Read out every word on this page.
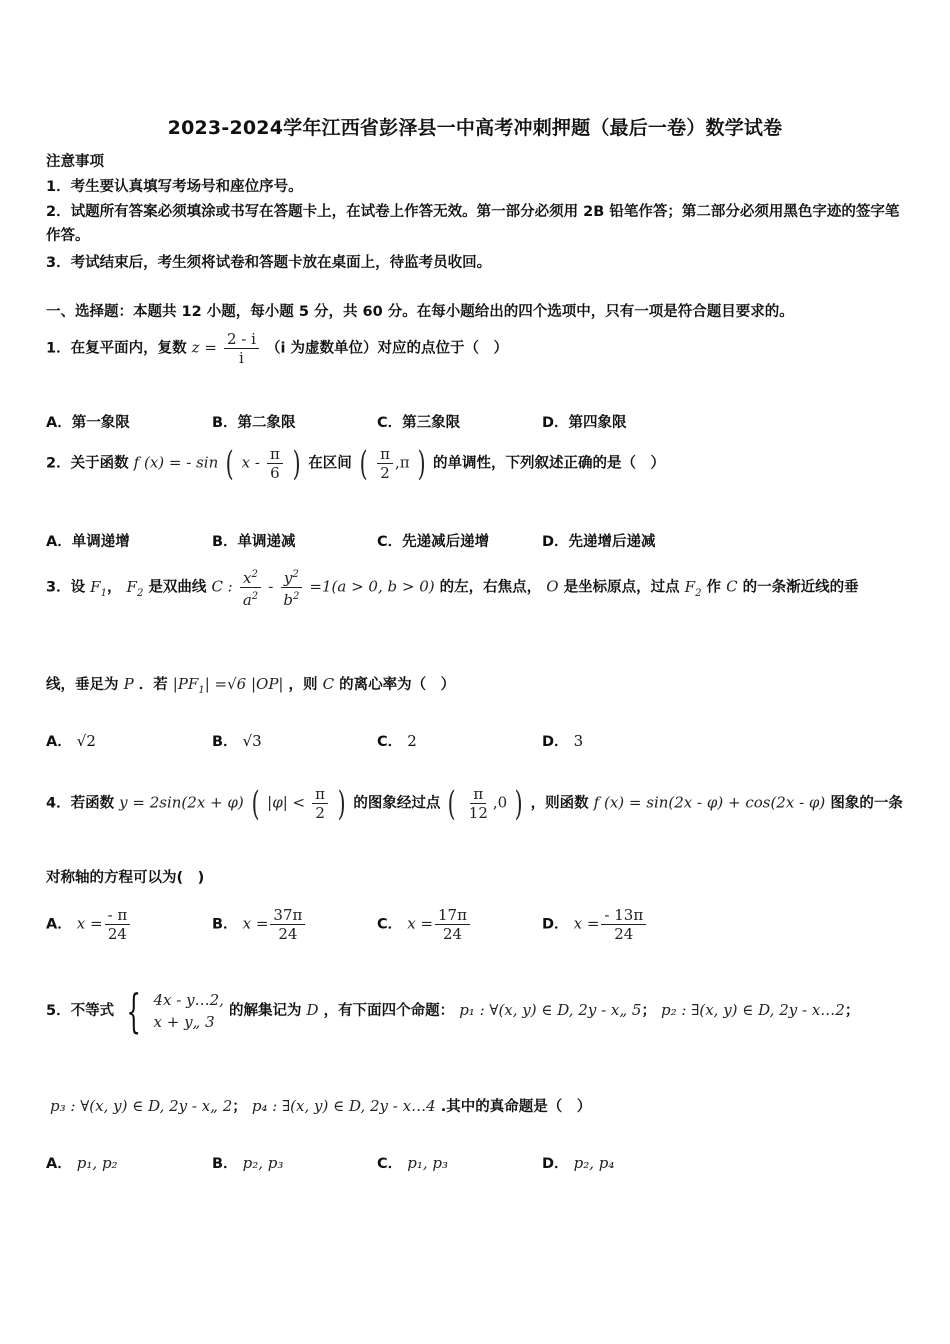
2023-2024学年江西省彭泽县一中高考冲刺押题（最后一卷）数学试卷
注意事项
1．考生要认真填写考场号和座位序号。
2．试题所有答案必须填涂或书写在答题卡上，在试卷上作答无效。第一部分必须用 2B 铅笔作答；第二部分必须用黑色字迹的签字笔作答。
3．考试结束后，考生须将试卷和答题卡放在桌面上，待监考员收回。
一、选择题：本题共 12 小题，每小题 5 分，共 60 分。在每小题给出的四个选项中，只有一项是符合题目要求的。
1．在复平面内，复数 $z = \frac{2 - i}{i} (i$ 为虚数单位）对应的点位于（　）
A．第一象限	B．第二象限	C．第三象限	D．第四象限
2．关于函数 f (x) = - sin ( x - $\frac{\pi}{6}$ ) 在区间 ( $\frac{\pi}{2} ,\pi$ ) 的单调性，下列叙述正确的是（　）
A．单调递增	B．单调递减	C．先递减后递增	D．先递增后递减
3．设 $F_1$， $F_2$ 是双曲线 C : $\frac{x^2}{a^2} - \frac{y^2}{b^2} =1(a > 0$, b > 0) 的左，右焦点， O 是坐标原点，过点 $F_2$ 作 C 的一条渐近线的垂
线，垂足为 P ．若 $|PF_1| =√6$ |OP| ，则 C 的离心率为（　）
A． √2	B． √3	C． 2	D． 3
4．若函数 y = 2sin(2x + φ) ( $|\varphi| < \frac{\pi}{2}$ ) 的图象经过点 ( $\frac{\pi}{12} ,0$ ) ，则函数 f (x) = sin(2x - φ) + cos(2x - φ) 图象的一条
对称轴的方程可以为(　)
A． $x = \frac{- \pi}{24}$	B． $x = \frac{37\pi}{24}$	C． $x = \frac{17\pi}{24}$	D． $x = \frac{- 13\pi}{24}$
5．不等式 { 4x - y…2,
x + y„ 3
的解集记为 D ，有下面四个命题： p₁ : ∀(x, y) ∈ D, 2y - x„ 5； p₂ : ∃(x, y) ∈ D, 2y - x…2；
p₃ : ∀(x, y) ∈ D, 2y - x„ 2； p₄ : ∃(x, y) ∈ D, 2y - x…4 .其中的真命题是（　）
A． p₁, p₂	B． p₂, p₃	C． p₁, p₃	D． p₂, p₄
